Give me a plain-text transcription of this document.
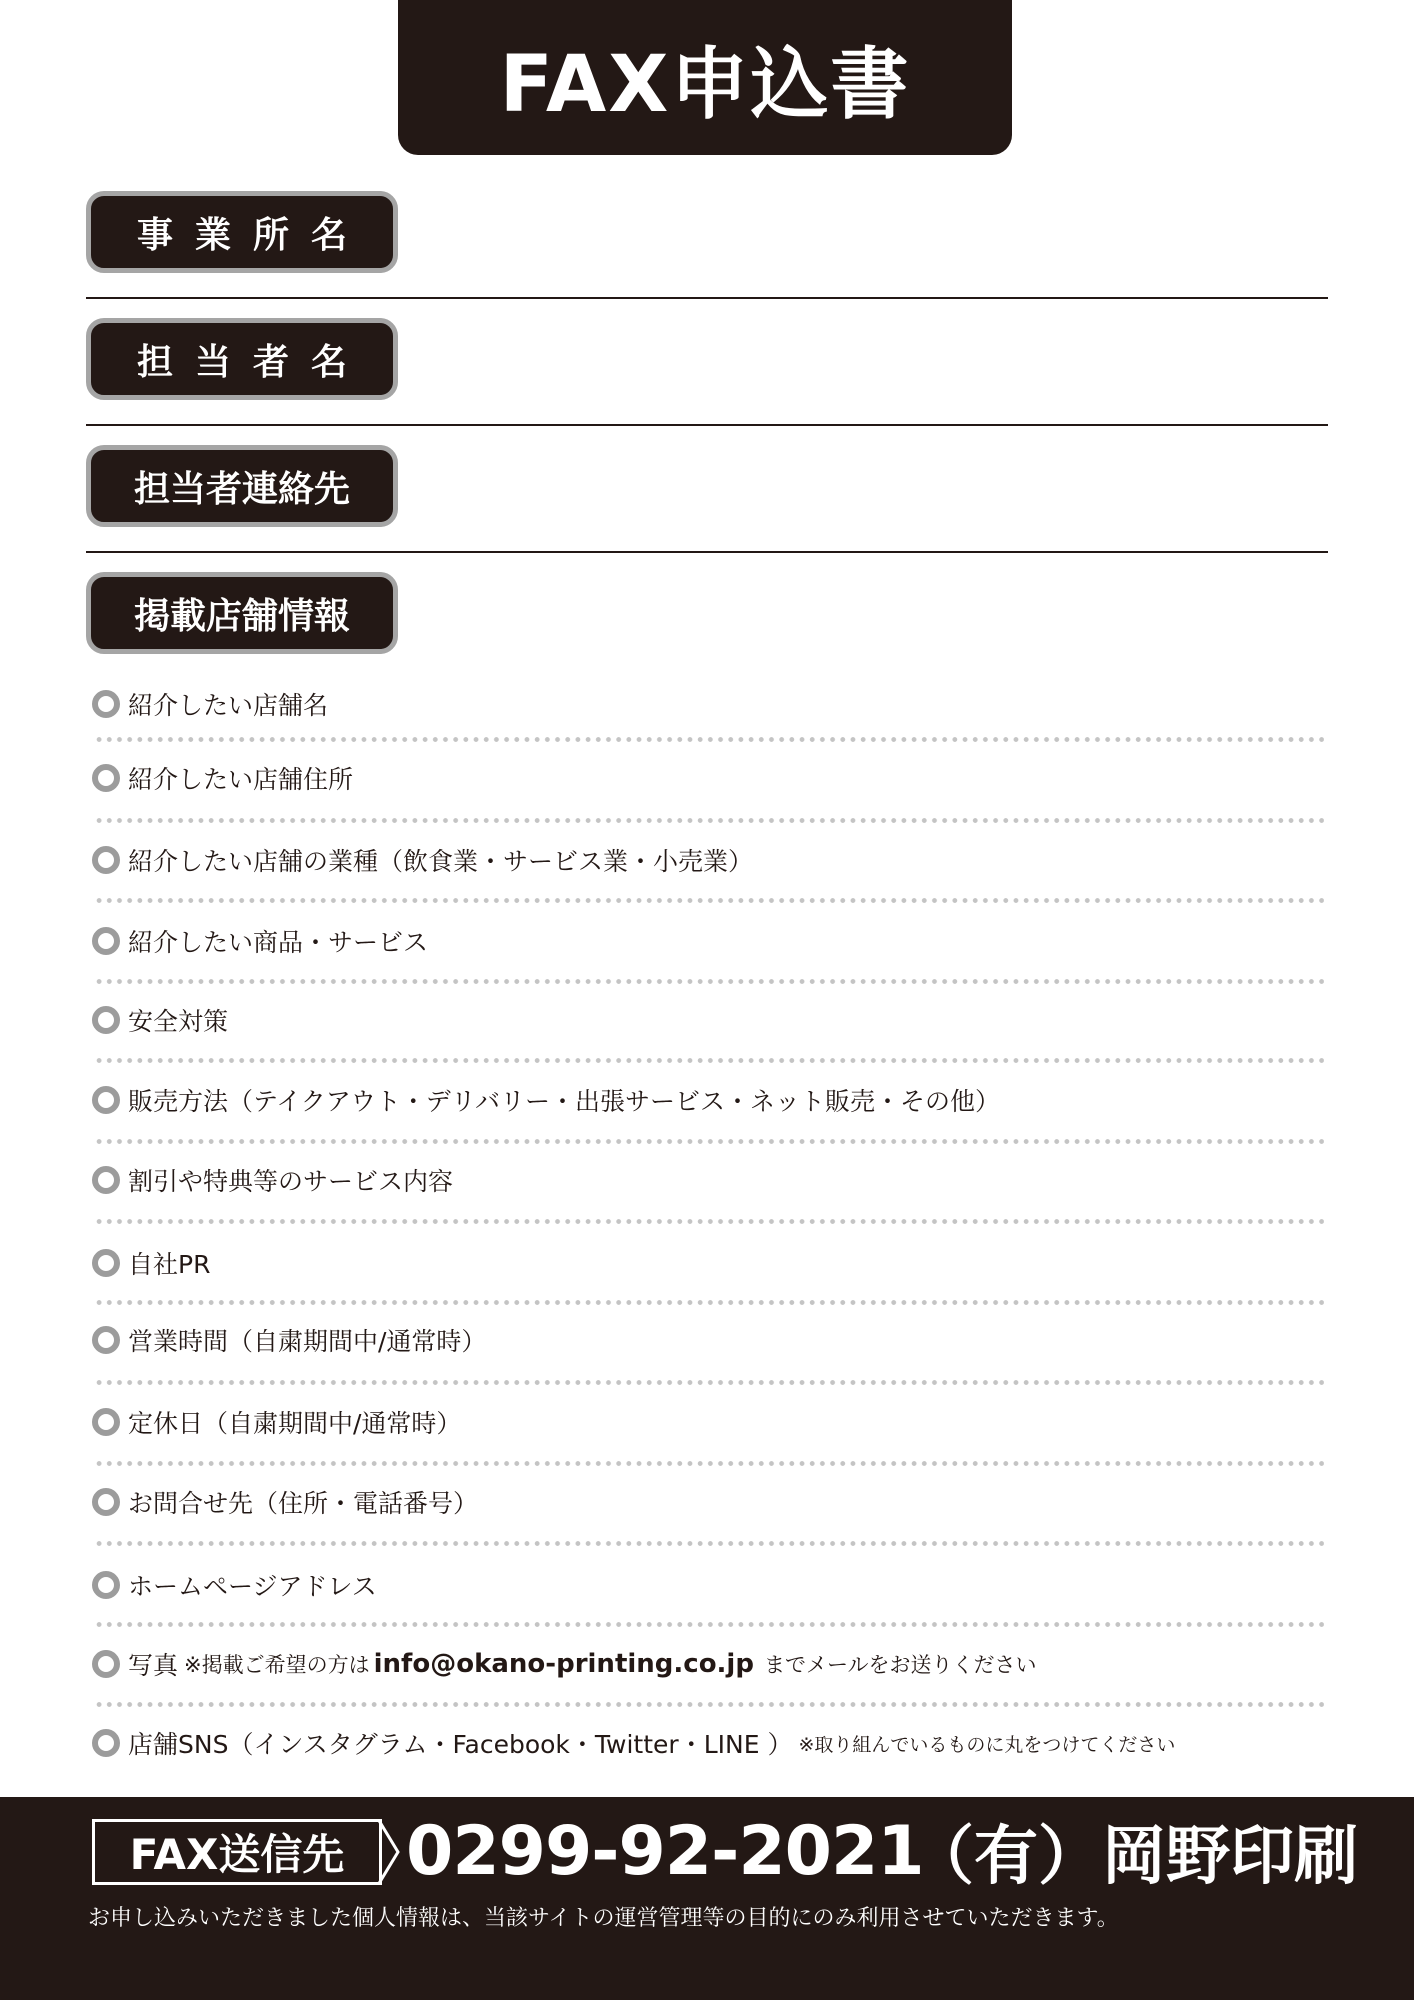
FAX申込書
事業所名
担当者名
担当者連絡先
掲載店舗情報
紹介したい店舗名
紹介したい店舗住所
紹介したい店舗の業種（飲食業・サービス業・小売業）
紹介したい商品・サービス
安全対策
販売方法（テイクアウト・デリバリー・出張サービス・ネット販売・その他）
割引や特典等のサービス内容
自社PR
営業時間（自粛期間中/通常時）
定休日（自粛期間中/通常時）
お問合せ先（住所・電話番号）
ホームページアドレス
写真 ※掲載ご希望の方は info@okano-printing.co.jp までメールをお送りください
店舗SNS（インスタグラム・Facebook・Twitter・LINE ） ※取り組んでいるものに丸をつけてください
FAX送信先 0299-92-2021
（有）岡野印刷
お申し込みいただきました個人情報は、当該サイトの運営管理等の目的にのみ利用させていただきます。
